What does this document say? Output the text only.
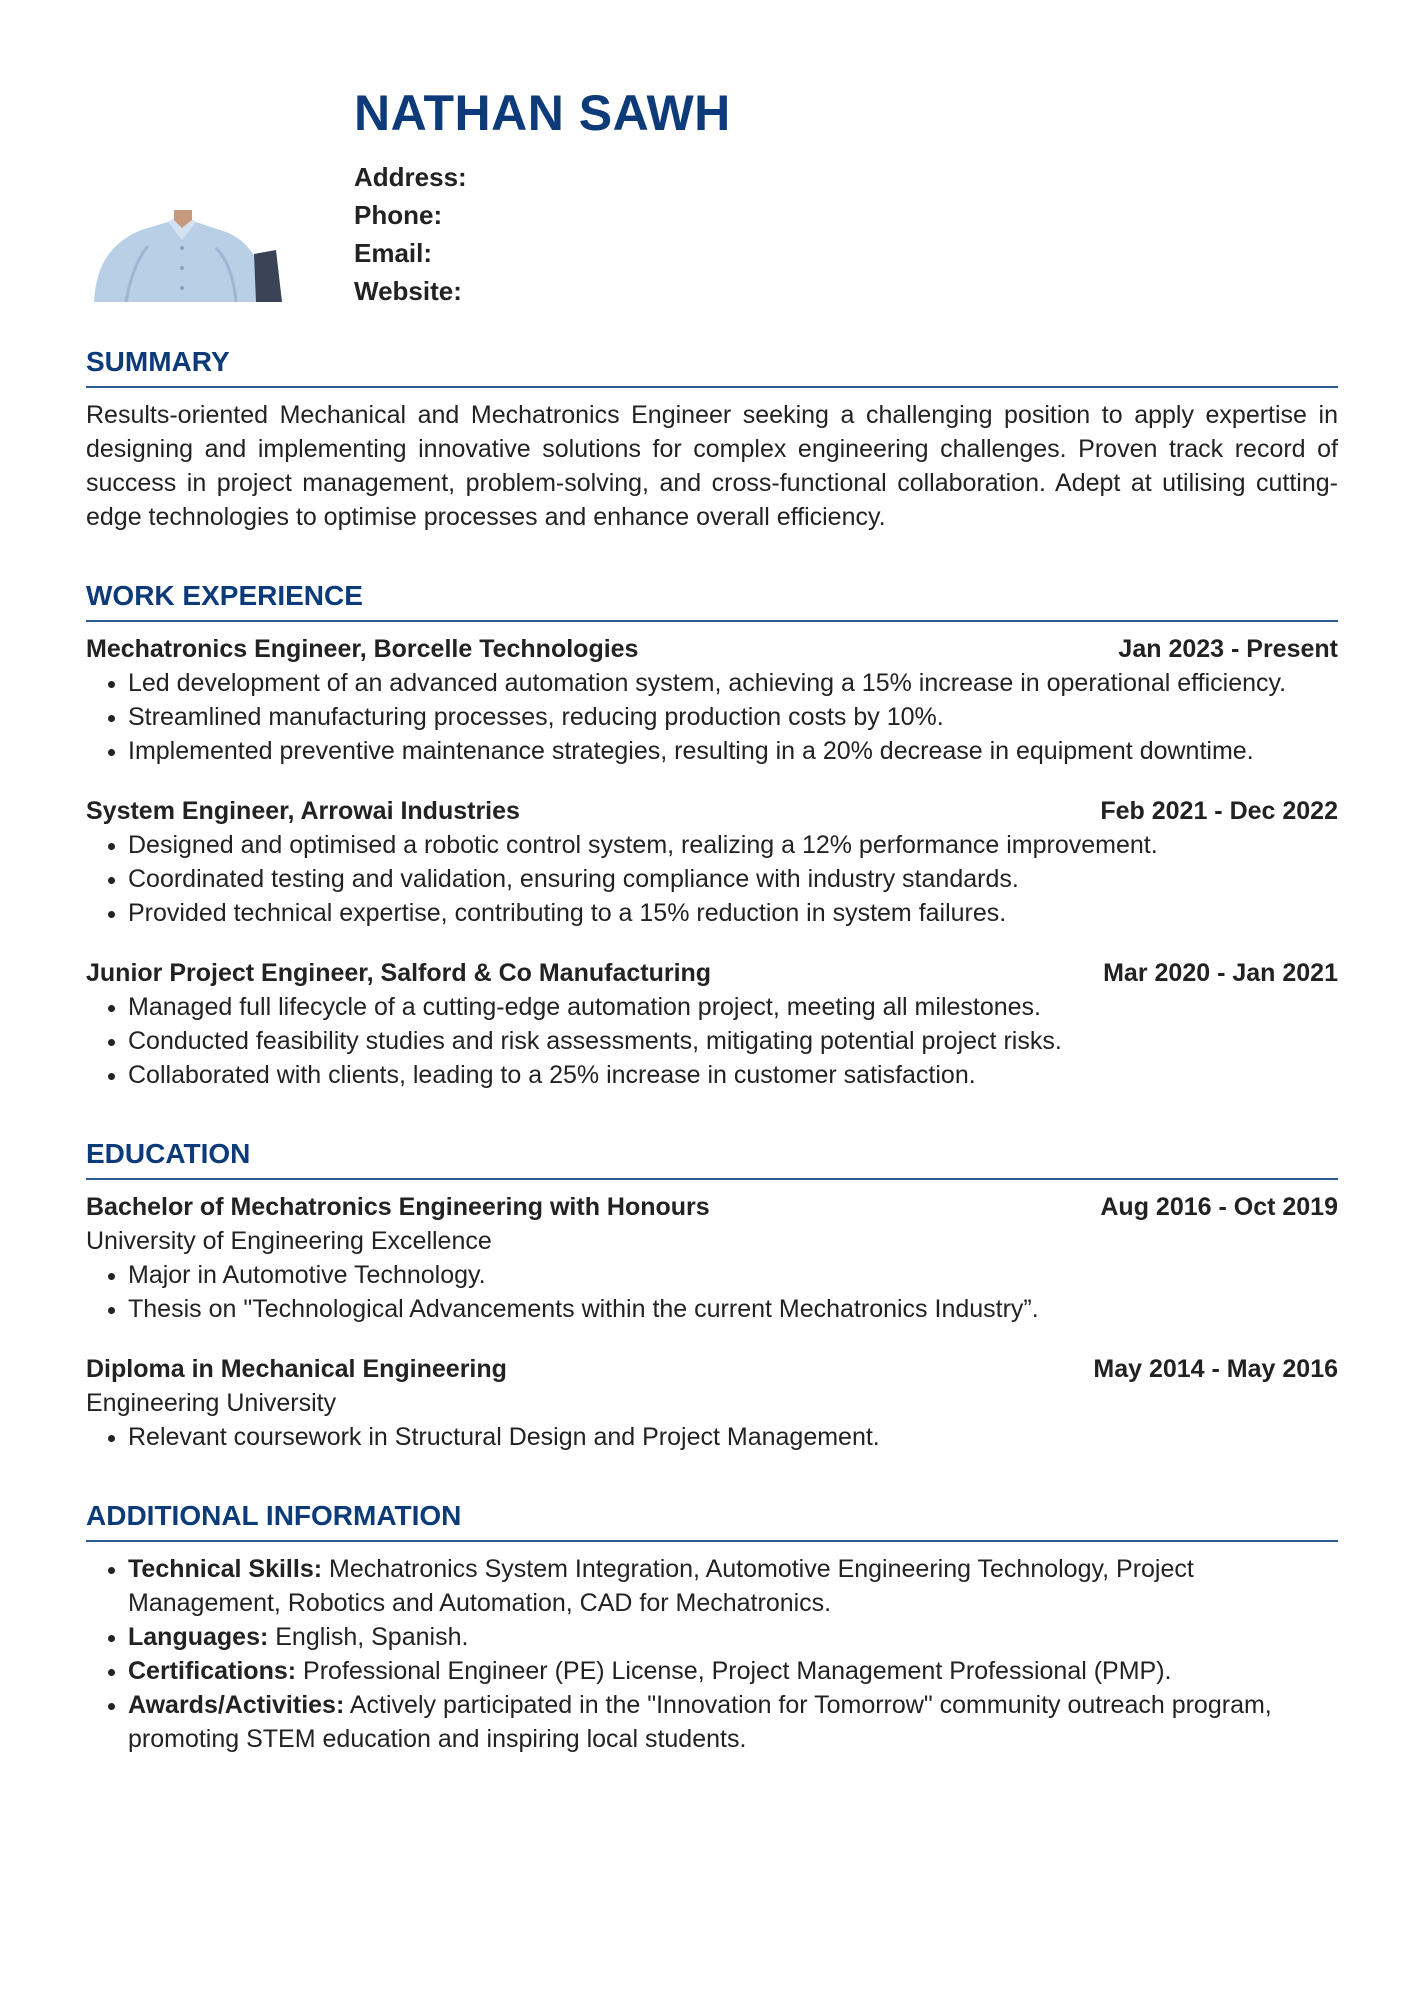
NATHAN SAWH
Address:
Phone:
Email:
Website:
SUMMARY

Results-oriented Mechanical and Mechatronics Engineer seeking a challenging position to apply expertise in designing and implementing innovative solutions for complex engineering challenges. Proven track record of success in project management, problem-solving, and cross-functional collaboration. Adept at utilising cutting-edge technologies to optimise processes and enhance overall efficiency.

WORK EXPERIENCE
Mechatronics Engineer, Borcelle Technologies	Jan 2023 - Present
• Led development of an advanced automation system, achieving a 15% increase in operational efficiency.
• Streamlined manufacturing processes, reducing production costs by 10%.
• Implemented preventive maintenance strategies, resulting in a 20% decrease in equipment downtime.
System Engineer, Arrowai Industries	Feb 2021 - Dec 2022
• Designed and optimised a robotic control system, realizing a 12% performance improvement.
• Coordinated testing and validation, ensuring compliance with industry standards.
• Provided technical expertise, contributing to a 15% reduction in system failures.
Junior Project Engineer, Salford & Co Manufacturing	Mar 2020 - Jan 2021
• Managed full lifecycle of a cutting-edge automation project, meeting all milestones.
• Conducted feasibility studies and risk assessments, mitigating potential project risks.
• Collaborated with clients, leading to a 25% increase in customer satisfaction.
EDUCATION
Bachelor of Mechatronics Engineering with Honours	Aug 2016 - Oct 2019
University of Engineering Excellence
• Major in Automotive Technology.
• Thesis on "Technological Advancements within the current Mechatronics Industry”.
Diploma in Mechanical Engineering	May 2014 - May 2016
Engineering University
• Relevant coursework in Structural Design and Project Management.
ADDITIONAL INFORMATION
• Technical Skills: Mechatronics System Integration, Automotive Engineering Technology, Project Management, Robotics and Automation, CAD for Mechatronics.
• Languages: English, Spanish.
• Certifications: Professional Engineer (PE) License, Project Management Professional (PMP).
• Awards/Activities: Actively participated in the "Innovation for Tomorrow" community outreach program, promoting STEM education and inspiring local students.
